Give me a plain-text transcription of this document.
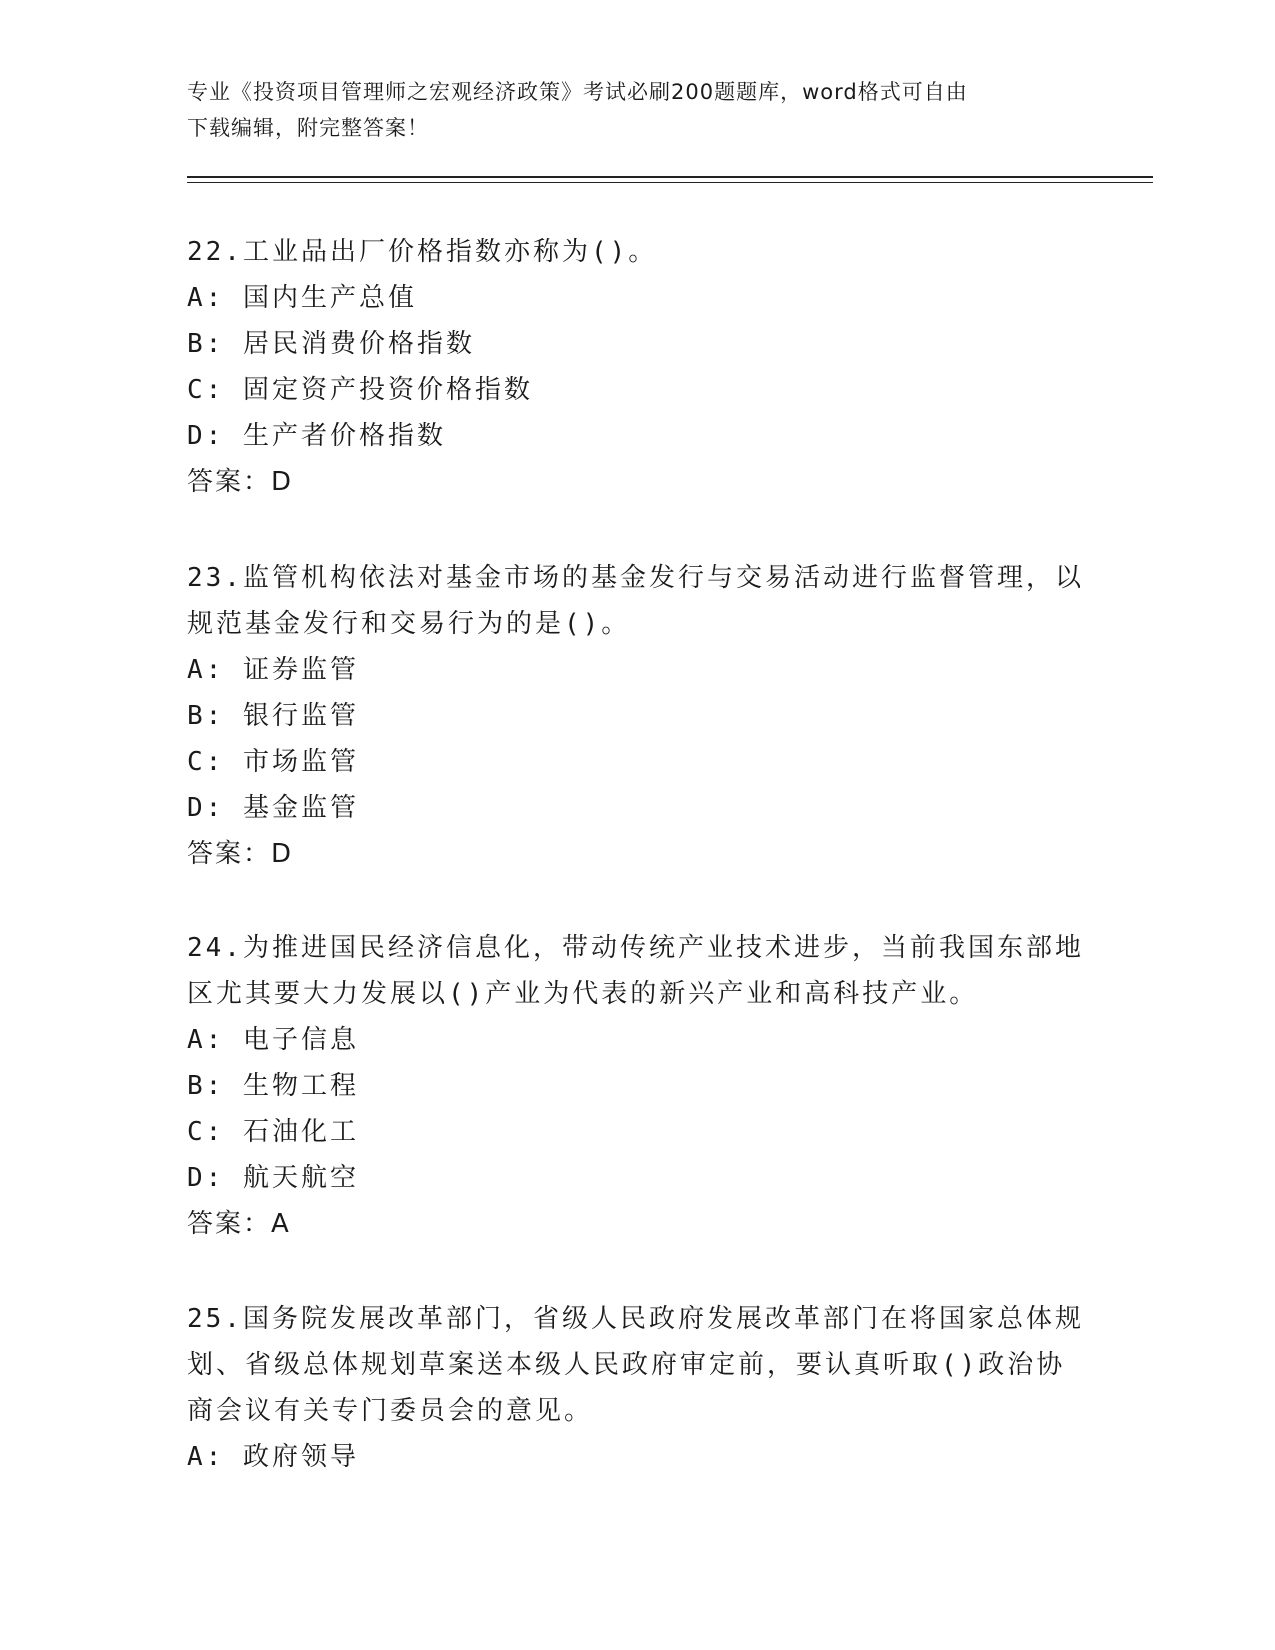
专业《投资项目管理师之宏观经济政策》考试必刷200题题库，word格式可自由
下载编辑，附完整答案！
22.工业品出厂价格指数亦称为()。
A: 国内生产总值
B: 居民消费价格指数
C: 固定资产投资价格指数
D: 生产者价格指数
答案：D
23.监管机构依法对基金市场的基金发行与交易活动进行监督管理，以
规范基金发行和交易行为的是()。
A: 证券监管
B: 银行监管
C: 市场监管
D: 基金监管
答案：D
24.为推进国民经济信息化，带动传统产业技术进步，当前我国东部地
区尤其要大力发展以()产业为代表的新兴产业和高科技产业。
A: 电子信息
B: 生物工程
C: 石油化工
D: 航天航空
答案：A
25.国务院发展改革部门，省级人民政府发展改革部门在将国家总体规
划、省级总体规划草案送本级人民政府审定前，要认真听取()政治协
商会议有关专门委员会的意见。
A: 政府领导
